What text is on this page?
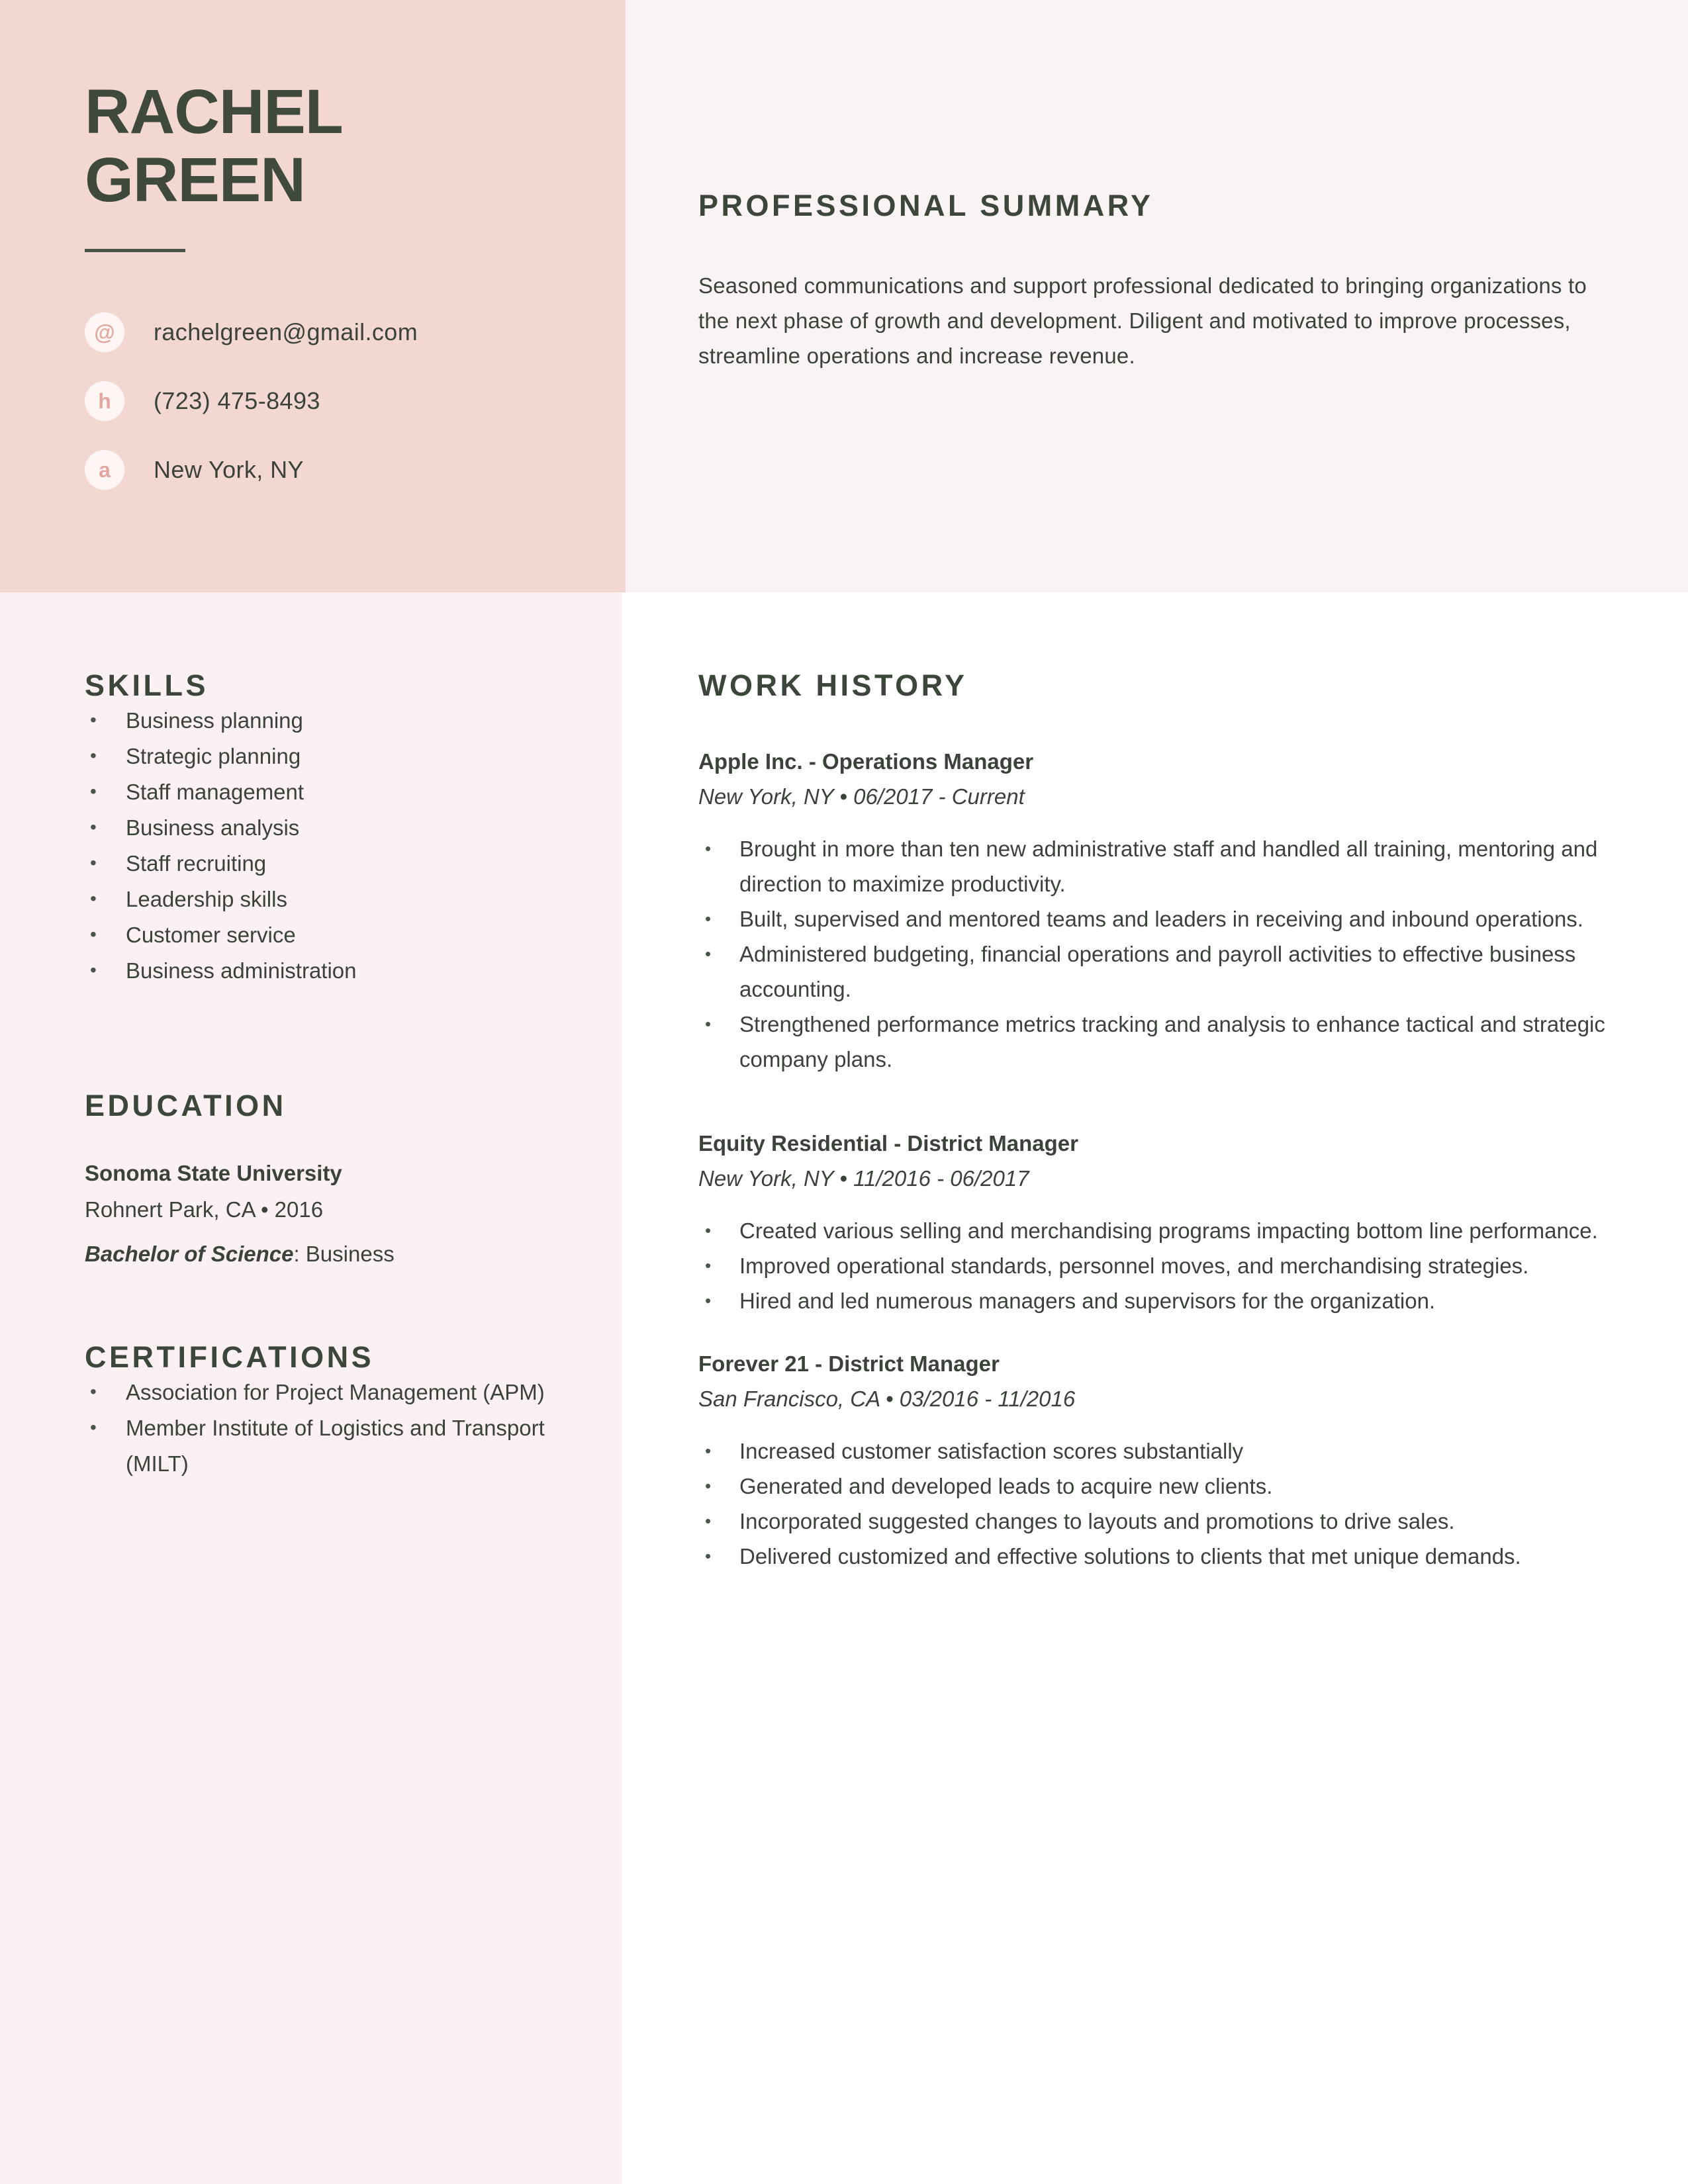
RACHEL
GREEN
@	rachelgreen@gmail.com
h	(723) 475-8493
a	New York, NY
PROFESSIONAL SUMMARY
Seasoned communications and support professional dedicated to bringing organizations to the next phase of growth and development. Diligent and motivated to improve processes, streamline operations and increase revenue.
SKILLS
• Business planning
• Strategic planning
• Staff management
• Business analysis
• Staff recruiting
• Leadership skills
• Customer service
• Business administration
EDUCATION
Sonoma State University
Rohnert Park, CA • 2016
Bachelor of Science: Business
CERTIFICATIONS
• Association for Project Management (APM)
• Member Institute of Logistics and Transport (MILT)
WORK HISTORY
Apple Inc. - Operations Manager
New York, NY • 06/2017 - Current
• Brought in more than ten new administrative staff and handled all training, mentoring and direction to maximize productivity.
• Built, supervised and mentored teams and leaders in receiving and inbound operations.
• Administered budgeting, financial operations and payroll activities to effective business accounting.
• Strengthened performance metrics tracking and analysis to enhance tactical and strategic company plans.
Equity Residential - District Manager
New York, NY • 11/2016 - 06/2017
• Created various selling and merchandising programs impacting bottom line performance.
• Improved operational standards, personnel moves, and merchandising strategies.
• Hired and led numerous managers and supervisors for the organization.
Forever 21 - District Manager
San Francisco, CA • 03/2016 - 11/2016
• Increased customer satisfaction scores substantially
• Generated and developed leads to acquire new clients.
• Incorporated suggested changes to layouts and promotions to drive sales.
• Delivered customized and effective solutions to clients that met unique demands.
